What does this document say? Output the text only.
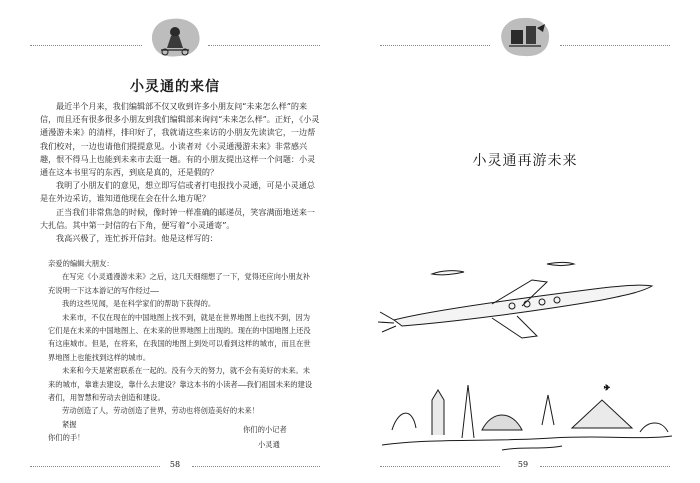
小灵通的来信

最近半个月来，我们编辑部不仅又收到许多小朋友问“未来怎么样”的来信，而且还有很多很多小朋友到我们编辑部来询问“未来怎么样”。正好，《小灵通漫游未来》的清样，排印好了，我就请这些来访的小朋友先读读它，一边帮我们校对，一边也请他们提提意见。小读者对《小灵通漫游未来》非常感兴趣，恨不得马上也能到未来市去逛一趟。有的小朋友提出这样一个问题：小灵通在这本书里写的东西，到底是真的，还是假的？

我明了小朋友们的意见，想立即写信或者打电报找小灵通，可是小灵通总是在外边采访，谁知道他现在会在什么地方呢？

正当我们非常焦急的时候，像时钟一样准确的邮递员，笑容满面地送来一大扎信。其中第一封信的右下角，便写着“小灵通寄”。

我高兴极了，连忙拆开信封。他是这样写的：

亲爱的编辑大朋友：

在写完《小灵通漫游未来》之后，这几天细细想了一下，觉得还应向小朋友补充说明一下这本游记的写作经过——

我的这些见闻，是在科学家们的帮助下获得的。

未来市，不仅在现在的中国地图上找不到，就是在世界地图上也找不到，因为它们是在未来的中国地图上、在未来的世界地图上出现的。现在的中国地图上还没有这座城市。但是，在将来，在我国的地图上到处可以看到这样的城市，而且在世界地图上也能找到这样的城市。

未来和今天是紧密联系在一起的。没有今天的努力，就不会有美好的未来。未来的城市，靠谁去建设，靠什么去建设？靠这本书的小读者——我们祖国未来的建设者们，用智慧和劳动去创造和建设。

劳动创造了人，劳动创造了世界，劳动也将创造美好的未来！

紧握

你们的手！

你们的小记者
小灵通
58
小灵通再游未来
✈
59
